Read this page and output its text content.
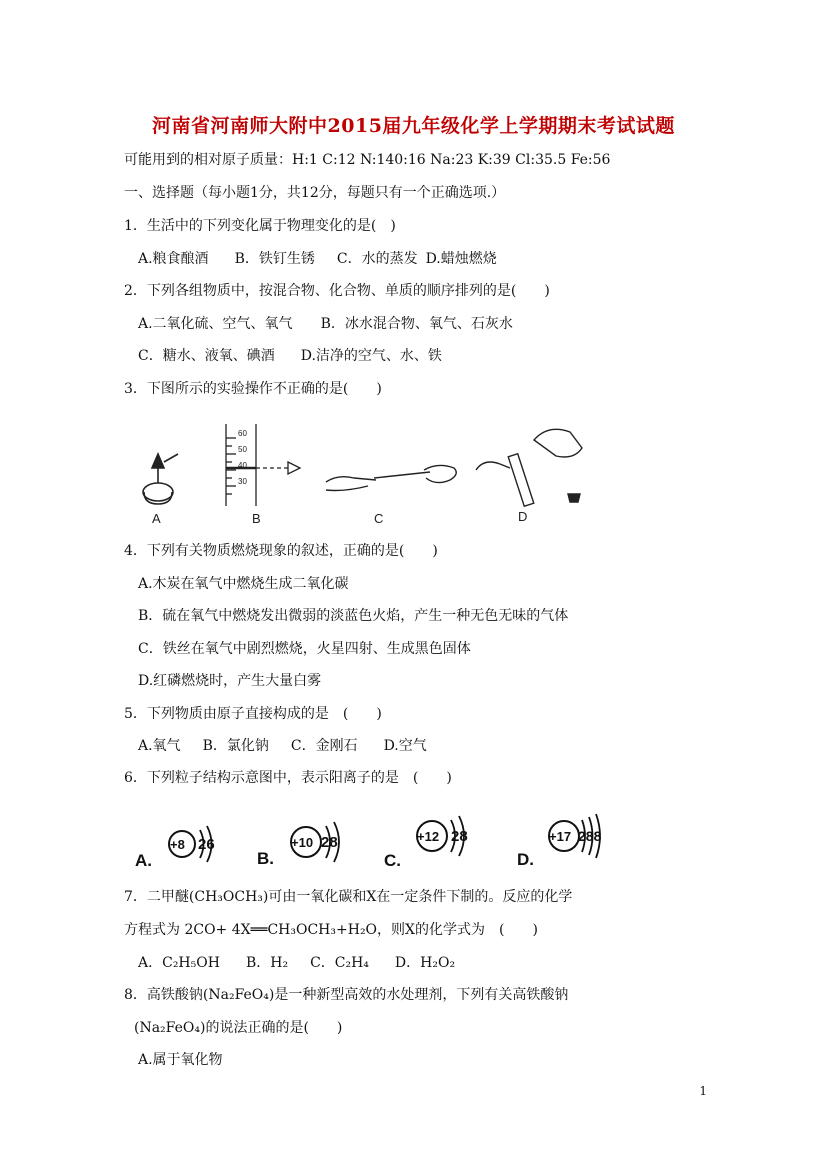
河南省河南师大附中2015届九年级化学上学期期末考试试题
可能用到的相对原子质量：H:1 C:12 N:140:16 Na:23 K:39 Cl:35.5 Fe:56
一、选择题（每小题1分，共12分，每题只有一个正确选项.）
1．生活中的下列变化属于物理变化的是(　)
A.粮食酿酒 B．铁钉生锈 C．水的蒸发 D.蜡烛燃烧
2．下列各组物质中，按混合物、化合物、单质的顺序排列的是(　　)
A.二氧化硫、空气、氧气 B．冰水混合物、氧气、石灰水
C．糖水、液氧、碘酒 D.洁净的空气、水、铁
3．下图所示的实验操作不正确的是(　　)
60
50
40
30
A	B	C	D
4．下列有关物质燃烧现象的叙述，正确的是(　　)
A.木炭在氧气中燃烧生成二氧化碳
B．硫在氧气中燃烧发出微弱的淡蓝色火焰，产生一种无色无味的气体
C．铁丝在氧气中剧烈燃烧，火星四射、生成黑色固体
D.红磷燃烧时，产生大量白雾
5．下列物质由原子直接构成的是　(　　)
A.氧气 B．氯化钠 C．金刚石 D.空气
6．下列粒子结构示意图中，表示阳离子的是　(　　)
A.
+8 26
B.
+10 28
C.
+12 28
D.
+17 288
7．二甲醚(CH₃OCH₃)可由一氧化碳和X在一定条件下制的。反应的化学
方程式为 2CO+ 4X══CH₃OCH₃+H₂O，则X的化学式为　(　　)
A．C₂H₅OH B．H₂ C．C₂H₄ D．H₂O₂
8．高铁酸钠(Na₂FeO₄)是一种新型高效的水处理剂，下列有关高铁酸钠
(Na₂FeO₄)的说法正确的是(　　)
A.属于氧化物
1
